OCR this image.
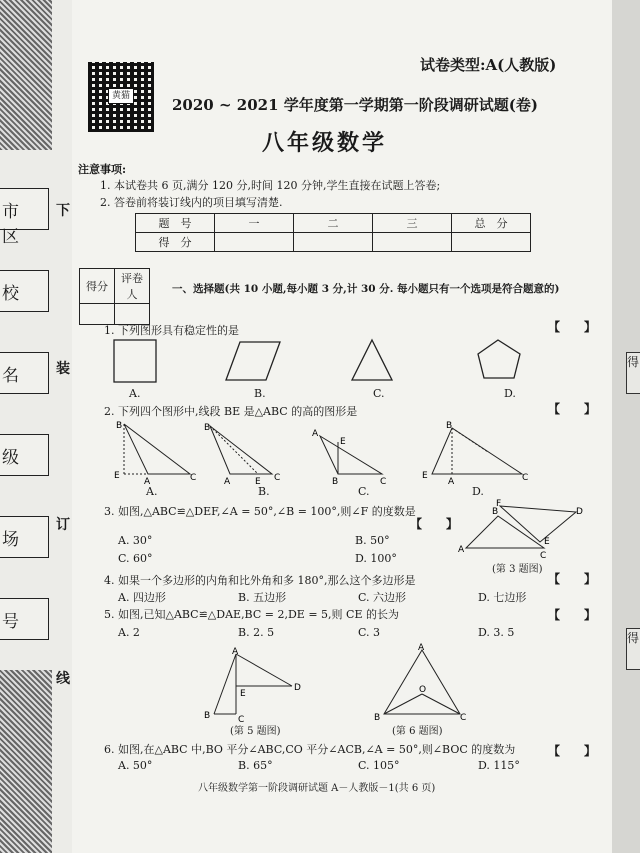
市区
校
名
级
场
号
下
装
订
线
得
得
黄猫
试卷类型:A(人教版)
2020 ~ 2021 学年度第一学期第一阶段调研试题(卷)
八年级数学
注意事项:
1. 本试卷共 6 页,满分 120 分,时间 120 分钟,学生直接在试题上答卷;
2. 答卷前将装订线内的项目填写清楚.
题　号	一	二	三	总　分
得　分				
得分	评卷人
		一、选择题(共 10 小题,每小题 3 分,计 30 分. 每小题只有一个选项是符合题意的)
1. 下列图形具有稳定性的是	【　　】
A.	B.	C.	D.
2. 下列四个图形中,线段 BE 是△ABC 的高的图形是	【　　】
B
E
A	C
B
A	E C
A
E
B	C
B
E
A	C
A.	B.	C.	D.
3. 如图,△ABC≌△DEF,∠A = 50°,∠B = 100°,则∠F 的度数是
【　　】
A. 30°	B. 50°
C. 60°	D. 100°
A
B
C
F
D
E
(第 3 题图)
4. 如果一个多边形的内角和比外角和多 180°,那么这个多边形是	【　　】
A. 四边形	B. 五边形	C. 六边形	D. 七边形
5. 如图,已知△ABC≌△DAE,BC = 2,DE = 5,则 CE 的长为	【　　】
A. 2	B. 2. 5	C. 3	D. 3. 5
A
B	C
E
D
(第 5 题图)
A
B	C
O
(第 6 题图)
6. 如图,在△ABC 中,BO 平分∠ABC,CO 平分∠ACB,∠A = 50°,则∠BOC 的度数为	【　　】
A. 50°	B. 65°	C. 105°	D. 115°
八年级数学第一阶段调研试题 A－人教版－1(共 6 页)
